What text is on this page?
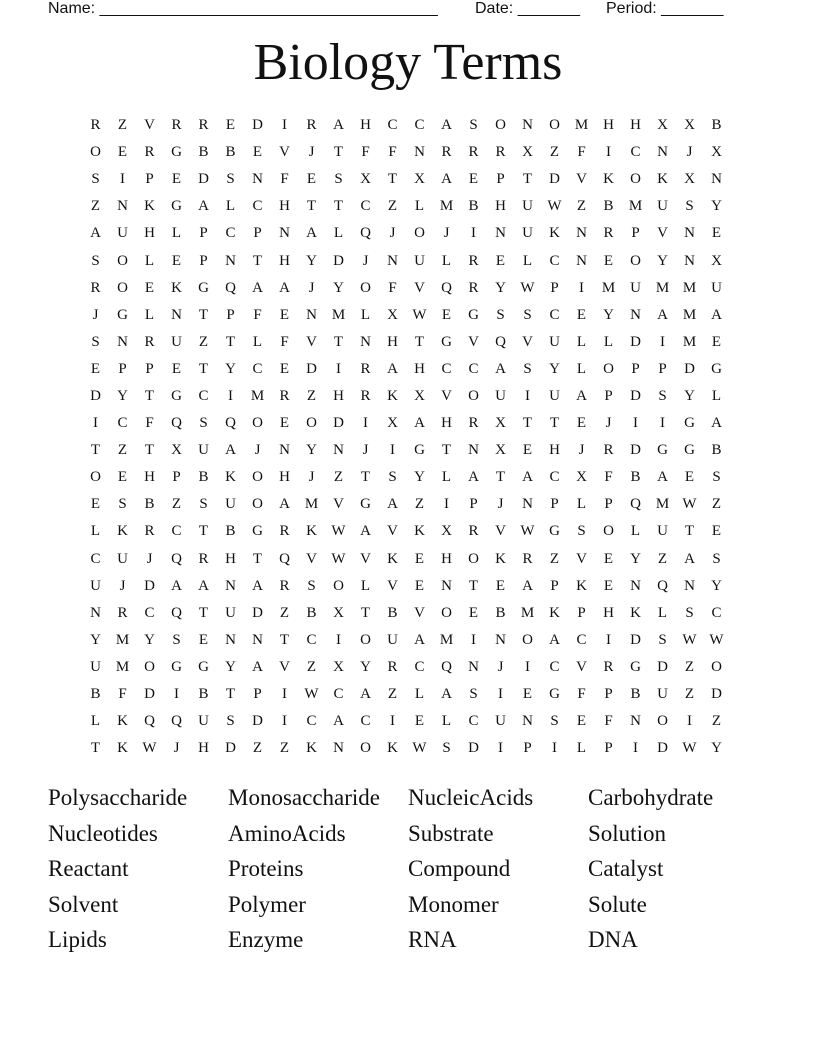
Name: ______________________________________ Date: _______ Period: _______
Biology Terms
R	Z	V	R	R	E	D	I	R	A	H	C	C	A	S	O	N	O M H	H	X	X	B
O	E	R	G	B	B	E	V	J	T	F	F	N	R	R	R	X	Z	F	I	C	N	J	X
S	I	P	E	D	S	N	F	E	S	X	T	X	A	E	P	T	D	V	K	O	K	X	N
Z	N	K	G	A	L	C	H	T	T	C	Z	L	M	B	H	U W	Z	B	M U	S	Y
A	U	H	L	P	C	P	N	A	L	Q	J	O	J	I	N	U	K	N	R	P	V	N	E
S	O	L	E	P	N	T	H	Y	D	J	N	U	L	R	E	L	C	N	E	O	Y	N	X
R	O	E	K	G	Q	A	A	J	Y	O	F	V	Q	R	Y W	P	I	M U M M U
J	G	L	N	T	P	F	E	N M	L	X W	E	G	S	S	C	E	Y	N	A M A
S	N	R	U	Z	T	L	F	V	T	N	H	T	G	V	Q	V	U	L	L	D	I	M	E
E	P	P	E	T	Y	C	E	D	I	R	A	H	C	C	A	S	Y	L	O	P	P	D	G
D	Y	T	G	C	I	M	R	Z	H	R	K	X	V	O	U	I	U	A	P	D	S	Y	L
I	C	F	Q	S	Q	O	E	O	D	I	X	A	H	R	X	T	T	E	J	I	I	G	A
T	Z	T	X	U	A	J	N	Y	N	J	I	G	T	N	X	E	H	J	R	D	G	G	B
O	E	H	P	B	K	O	H	J	Z	T	S	Y	L	A	T	A	C	X	F	B	A	E	S
E	S	B	Z	S	U	O	A M V	G	A	Z	I	P	J	N	P	L	P	Q M W	Z
L	K	R	C	T	B	G	R	K W A	V	K	X	R	V W G	S	O	L	U	T	E
C	U	J	Q	R	H	T	Q	V W V	K	E	H	O	K	R	Z	V	E	Y	Z	A	S
U	J	D	A	A	N	A	R	S	O	L	V	E	N	T	E	A	P	K	E	N	Q	N	Y
N	R	C	Q	T	U	D	Z	B	X	T	B	V	O	E	B	M K	P	H	K	L	S	C
Y M Y	S	E	N	N	T	C	I	O	U	A M	I	N	O	A	C	I	D	S	W W
U M O	G	G	Y	A	V	Z	X	Y	R	C	Q	N	J	I	C	V	R	G	D	Z	O
B	F	D	I	B	T	P	I	W C	A	Z	L	A	S	I	E	G	F	P	B	U	Z	D
L	K	Q	Q	U	S	D	I	C	A	C	I	E	L	C	U	N	S	E	F	N	O	I	Z
T	K W	J	H	D	Z	Z	K	N	O	K W	S	D	I	P	I	L	P	I	D W Y
Polysaccharide	Monosaccharide	NucleicAcids	Carbohydrate
Nucleotides	AminoAcids	Substrate	Solution
Reactant	Proteins	Compound	Catalyst
Solvent	Polymer	Monomer	Solute
Lipids	Enzyme	RNA	DNA
